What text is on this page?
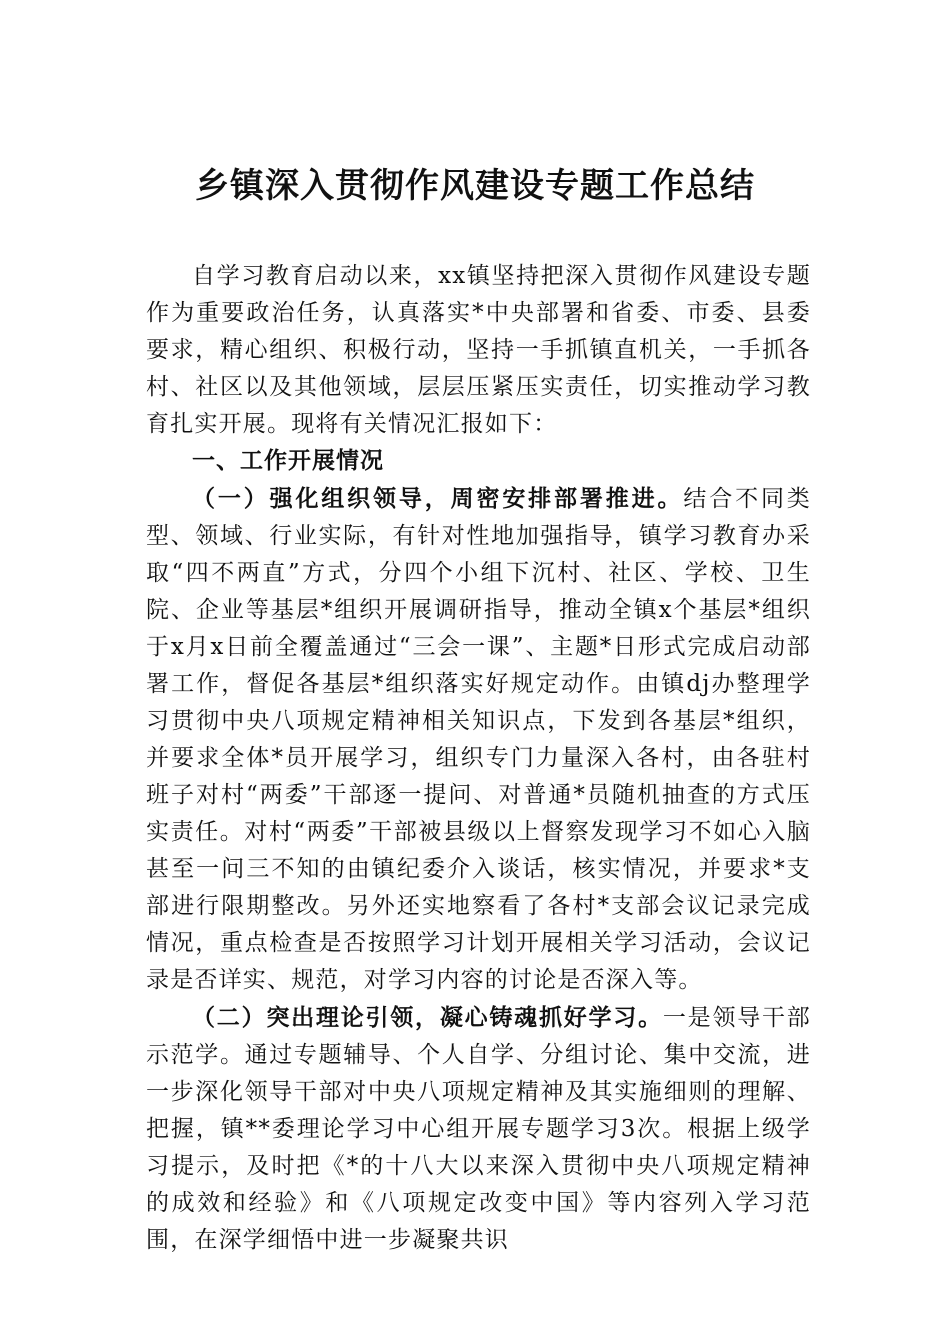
乡镇深入贯彻作风建设专题工作总结

自学习教育启动以来，xx镇坚持把深入贯彻作风建设专题作为重要政治任务，认真落实*中央部署和省委、市委、县委要求，精心组织、积极行动，坚持一手抓镇直机关，一手抓各村、社区以及其他领域，层层压紧压实责任，切实推动学习教育扎实开展。现将有关情况汇报如下：

一、工作开展情况

（一）强化组织领导，周密安排部署推进。结合不同类型、领域、行业实际，有针对性地加强指导，镇学习教育办采取“四不两直”方式，分四个小组下沉村、社区、学校、卫生院、企业等基层*组织开展调研指导，推动全镇x个基层*组织于x月x日前全覆盖通过“三会一课”、主题*日形式完成启动部署工作，督促各基层*组织落实好规定动作。由镇dj办整理学习贯彻中央八项规定精神相关知识点，下发到各基层*组织，并要求全体*员开展学习，组织专门力量深入各村，由各驻村班子对村“两委”干部逐一提问、对普通*员随机抽查的方式压实责任。对村“两委”干部被县级以上督察发现学习不如心入脑甚至一问三不知的由镇纪委介入谈话，核实情况，并要求*支部进行限期整改。另外还实地察看了各村*支部会议记录完成情况，重点检查是否按照学习计划开展相关学习活动，会议记录是否详实、规范，对学习内容的讨论是否深入等。

（二）突出理论引领，凝心铸魂抓好学习。一是领导干部示范学。通过专题辅导、个人自学、分组讨论、集中交流，进一步深化领导干部对中央八项规定精神及其实施细则的理解、把握，镇**委理论学习中心组开展专题学习3次。根据上级学习提示，及时把《*的十八大以来深入贯彻中央八项规定精神的成效和经验》和《八项规定改变中国》等内容列入学习范围，在深学细悟中进一步凝聚共识
